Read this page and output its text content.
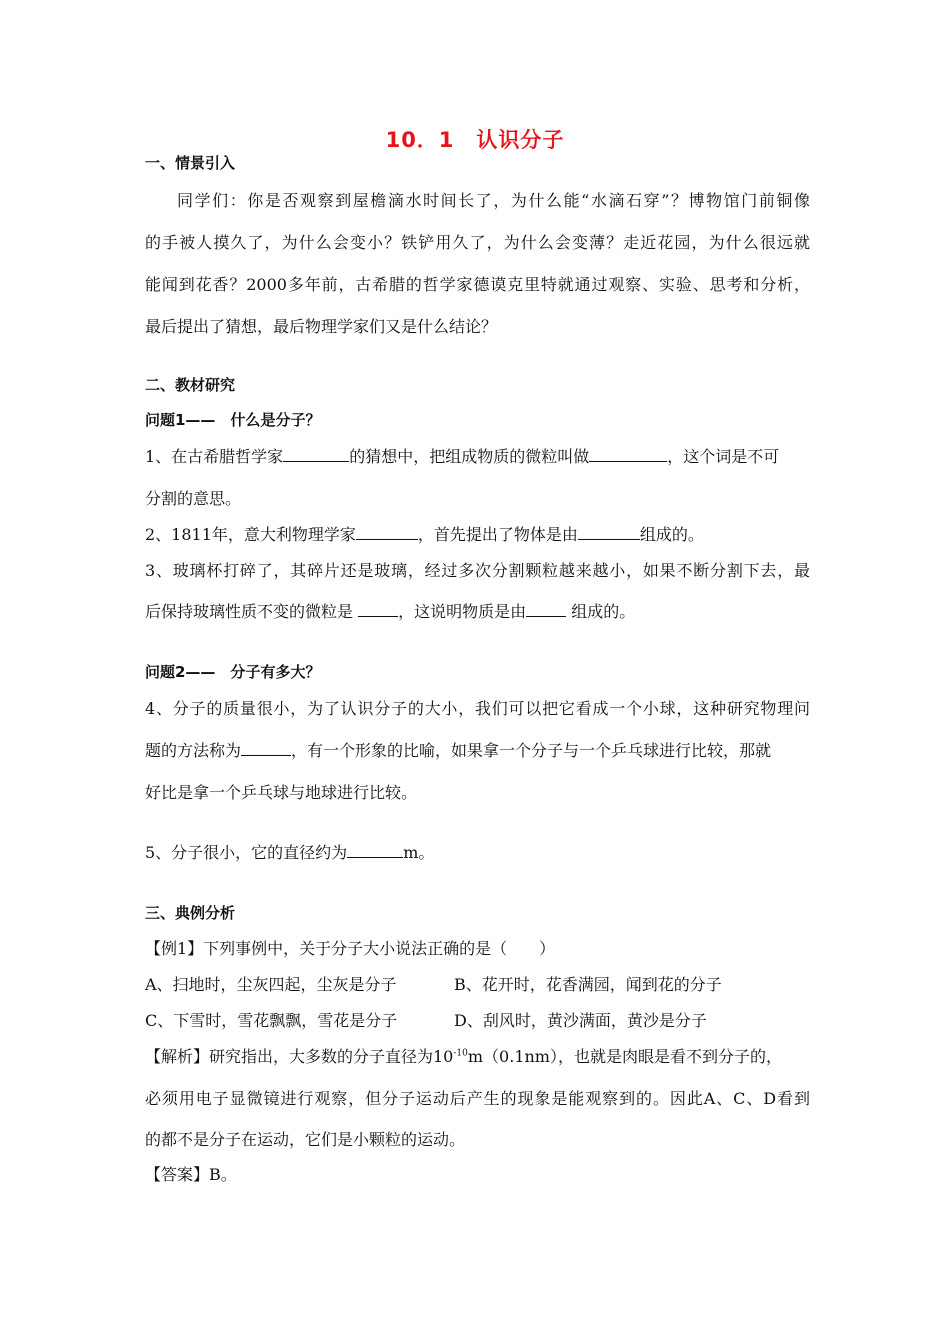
10．1　认识分子
一、情景引入
同学们：你是否观察到屋檐滴水时间长了，为什么能“水滴石穿”？博物馆门前铜像
的手被人摸久了，为什么会变小？铁铲用久了，为什么会变薄？走近花园，为什么很远就
能闻到花香？2000多年前，古希腊的哲学家德谟克里特就通过观察、实验、思考和分析，
最后提出了猜想，最后物理学家们又是什么结论？
二、教材研究
问题1——　什么是分子？
1、在古希腊哲学家	的猜想中，把组成物质的微粒叫做	，这个词是不可
分割的意思。
2、1811年，意大利物理学家	，首先提出了物体是由	组成的。
3、玻璃杯打碎了，其碎片还是玻璃，经过多次分割颗粒越来越小，如果不断分割下去，最
后保持玻璃性质不变的微粒是	，这说明物质是由	组成的。
问题2——　分子有多大？
4、分子的质量很小，为了认识分子的大小，我们可以把它看成一个小球，这种研究物理问
题的方法称为	，有一个形象的比喻，如果拿一个分子与一个乒乓球进行比较，那就
好比是拿一个乒乓球与地球进行比较。
5、分子很小，它的直径约为	m。
三、典例分析
【例1】下列事例中，关于分子大小说法正确的是（　　）
A、扫地时，尘灰四起，尘灰是分子	B、花开时，花香满园，闻到花的分子
C、下雪时，雪花飘飘，雪花是分子	D、刮风时，黄沙满面，黄沙是分子
【解析】研究指出，大多数的分子直径为$10^{-10}m(0.1nm)$，也就是肉眼是看不到分子的，
必须用电子显微镜进行观察，但分子运动后产生的现象是能观察到的。因此A、C、D看到
的都不是分子在运动，它们是小颗粒的运动。
【答案】B。
